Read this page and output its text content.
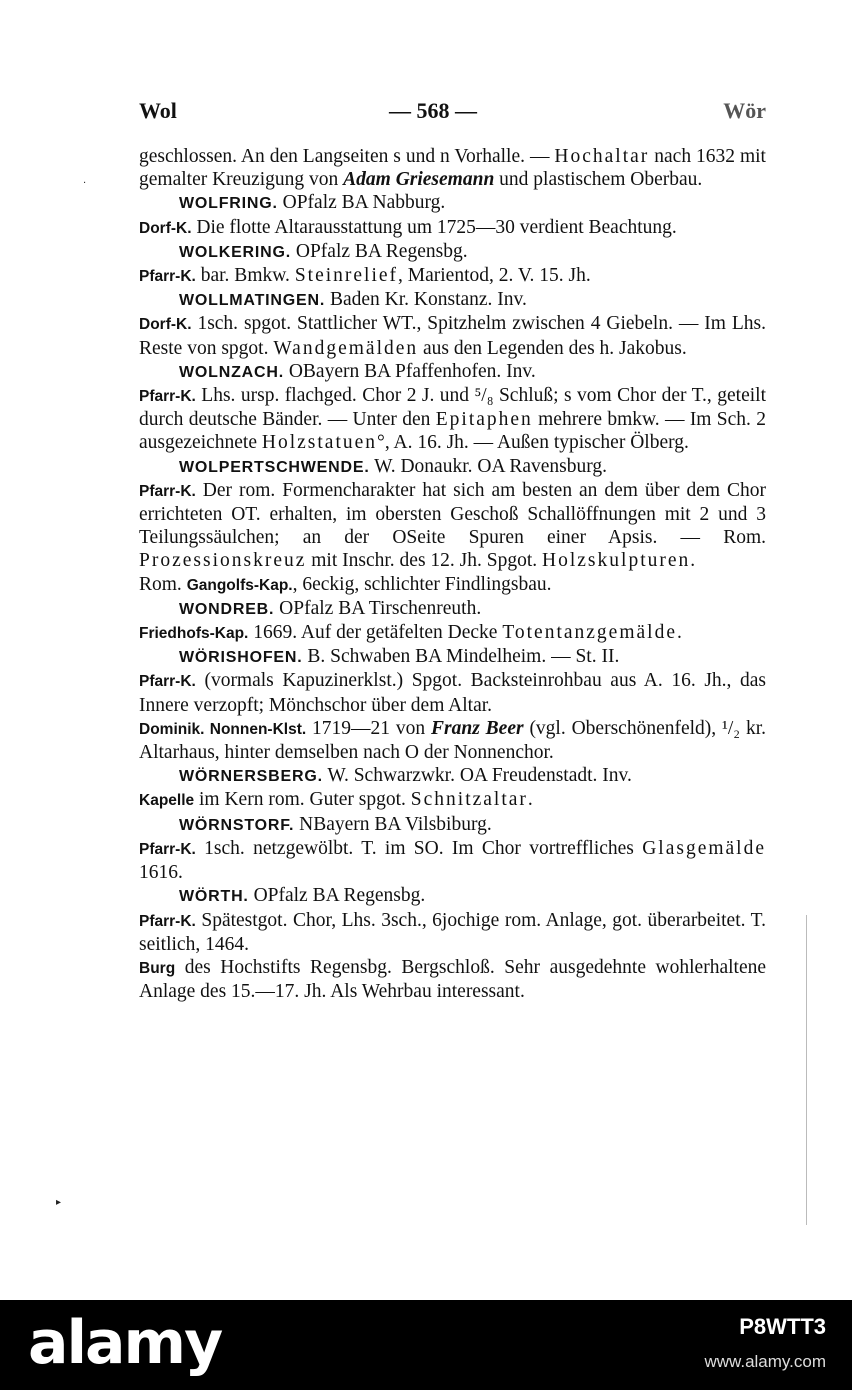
Wol	— 568 —	Wör

geschlossen. An den Langseiten s und n Vorhalle. — Hochaltar nach 1632 mit gemalter Kreuzigung von Adam Griesemann und plastischem Oberbau.

WOLFRING. OPfalz BA Nabburg.

Dorf-K. Die flotte Altarausstattung um 1725—30 verdient Beachtung.

WOLKERING. OPfalz BA Regensbg.

Pfarr-K. bar. Bmkw. Steinrelief, Marientod, 2. V. 15. Jh.

WOLLMATINGEN. Baden Kr. Konstanz. Inv.

Dorf-K. 1sch. spgot. Stattlicher WT., Spitzhelm zwischen 4 Giebeln. — Im Lhs. Reste von spgot. Wandgemälden aus den Legenden des h. Jakobus.

WOLNZACH. OBayern BA Pfaffenhofen. Inv.

Pfarr-K. Lhs. ursp. flachged. Chor 2 J. und ⁵/₈ Schluß; s vom Chor der T., geteilt durch deutsche Bänder. — Unter den Epitaphen mehrere bmkw. — Im Sch. 2 ausgezeichnete Holzstatuen°, A. 16. Jh. — Außen typischer Ölberg.

WOLPERTSCHWENDE. W. Donaukr. OA Ravensburg.

Pfarr-K. Der rom. Formencharakter hat sich am besten an dem über dem Chor errichteten OT. erhalten, im obersten Geschoß Schallöffnungen mit 2 und 3 Teilungssäulchen; an der OSeite Spuren einer Apsis. — Rom. Prozessionskreuz mit Inschr. des 12. Jh. Spgot. Holzskulpturen.

Rom. Gangolfs-Kap., 6eckig, schlichter Findlingsbau.

WONDREB. OPfalz BA Tirschenreuth.

Friedhofs-Kap. 1669. Auf der getäfelten Decke Totentanzgemälde.

WÖRISHOFEN. B. Schwaben BA Mindelheim. — St. II.

Pfarr-K. (vormals Kapuzinerklst.) Spgot. Backsteinrohbau aus A. 16. Jh., das Innere verzopft; Mönchschor über dem Altar.

Dominik. Nonnen-Klst. 1719—21 von Franz Beer (vgl. Oberschönenfeld), ¹/₂ kr. Altarhaus, hinter demselben nach O der Nonnenchor.

WÖRNERSBERG. W. Schwarzwkr. OA Freudenstadt. Inv.

Kapelle im Kern rom. Guter spgot. Schnitzaltar.

WÖRNSTORF. NBayern BA Vilsbiburg.

Pfarr-K. 1sch. netzgewölbt. T. im SO. Im Chor vortreffliches Glasgemälde 1616.

WÖRTH. OPfalz BA Regensbg.

Pfarr-K. Spätestgot. Chor, Lhs. 3sch., 6jochige rom. Anlage, got. überarbeitet. T. seitlich, 1464.

Burg des Hochstifts Regensbg. Bergschloß. Sehr ausgedehnte wohlerhaltene Anlage des 15.—17. Jh. Als Wehrbau interessant.

·
▸
alamy	P8WTT3
www.alamy.com
